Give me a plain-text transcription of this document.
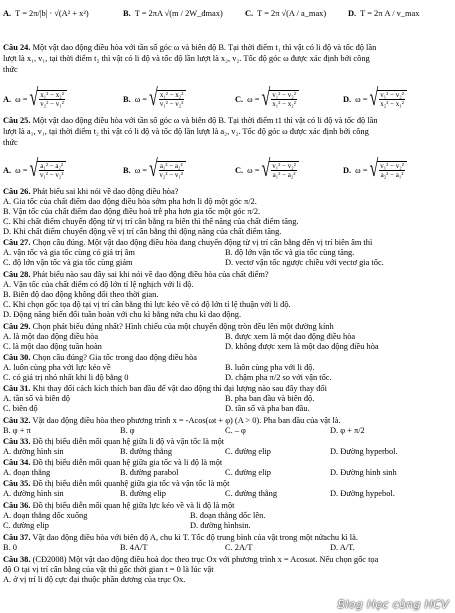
A. T = 2π/|b| · √(A² + x²)	B. T = 2πA √(m / 2W_đmax)	C. T = 2π √(A / a_max)	D. T = 2π A / v_max
Câu 24. Một vật dao động điều hòa với tần số góc ω và biên độ B. Tại thời điểm t₁ thì vật có li độ và tốc độ lần
lượt là x₁, v₁, tại thời điểm t₂ thì vật có li độ và tốc độ lần lượt là x₂, v₂. Tốc độ góc ω được xác định bởi công
thức
A. ω = √ $\frac{\text{x₁² − x₂²}}{\text{v₂² − v₁²}}$	B. ω = √ $\frac{\text{x₁² − x₂²}}{\text{v₁² − v₂²}}$	C. ω = √ $\frac{\text{v₁² − v₂²}}{\text{x₁² − x₂²}}$	D. ω = √ $\frac{\text{v₁² − v₂²}}{\text{x₂² − x₁²}}$
Câu 25. Một vật dao động điều hòa với tần số góc ω và biên độ B. Tại thời điểm t1 thì vật có li độ và tốc độ lần
lượt là a₁, v₁, tại thời điểm t₂ thì vật có li độ và tốc độ lần lượt là a₂, v₂. Tốc độ góc ω được xác định bởi công
thức
A. ω = √ $\frac{\text{a₁² − a₂²}}{\text{v₁² − v₂²}}$	B. ω = √ $\frac{\text{a₁² − a₂²}}{\text{v₂² − v₁²}}$	C. ω = √ $\frac{\text{v₁² − v₂²}}{\text{a₁² − a₂²}}$	D. ω = √ $\frac{\text{v₁² − v₂²}}{\text{a₂² − a₁²}}$
Câu 26. Phát biểu sai khi nói về dao động điều hòa?
A. Gia tốc của chất điểm dao động điều hòa sớm pha hơn li độ một góc π/2.
B. Vận tốc của chất điểm dao động điều hoà trễ pha hơn gia tốc một góc π/2.
C. Khi chất điểm chuyển động từ vị trí cân bằng ra biên thì thế năng của chất điểm tăng.
D. Khi chất điểm chuyển động về vị trí cân bằng thì động năng của chất điểm tăng.
Câu 27. Chọn câu đúng. Một vật dao động điều hòa đang chuyển động từ vị trí cân bằng đến vị trí biên âm thì
A. vận tốc và gia tốc cùng có giá trị âm	B. độ lớn vận tốc và gia tốc cùng tăng.
C. độ lớn vận tốc và gia tốc cùng giảm	D. vectơ vận tốc ngược chiều với vectơ gia tốc.
Câu 28. Phát biểu nào sau đây sai khi nói về dao động điều hòa của chất điểm?
A. Vận tốc của chất điểm có độ lớn tỉ lệ nghịch với li độ.
B. Biên độ dao động không đổi theo thời gian.
C. Khi chọn gốc tọa độ tại vị trí cân bằng thì lực kéo về có độ lớn tỉ lệ thuận với li độ.
D. Động năng biến đổi tuần hoàn với chu kì bằng nửa chu kì dao động.
Câu 29. Chọn phát biểu đúng nhất? Hình chiếu của một chuyển động tròn đều lên một đường kính
A. là một dao động điều hòa	B. được xem là một dao động điều hòa
C. là một dao động tuần hoàn	D. không được xem là một dao động điều hòa
Câu 30. Chọn câu đúng? Gia tốc trong dao động điều hòa
A. luôn cùng pha với lực kéo về	B. luôn cùng pha với li độ.
C. có giá trị nhỏ nhất khi li độ bằng 0	D. chậm pha π/2 so với vận tốc.
Câu 31. Khi thay đổi cách kích thích ban đầu để vật dao động thì đại lượng nào sau đây thay đổi
A. tần số và biên độ	B. pha ban đầu và biên độ.
C. biên độ	D. tần số và pha ban đầu.
Câu 32. Vật dao động điều hòa theo phương trình x = -Acos(ωt + φ) (A > 0). Pha ban đầu của vật là.
B. φ + π	B. φ	C. – φ	D. φ + π/2
Câu 33. Đồ thị biểu diễn mối quan hệ giữa li độ và vận tốc là một
A. đường hình sin	B. đường thẳng	C. đường elip	D. Đường hyperbol.
Câu 34. Đồ thị biểu diễn mối quan hệ giữa gia tốc và li độ là một
A. đoạn thẳng	B. đường parabol	C. đường elip	D. Đường hình sinh
Câu 35. Đồ thị biểu diễn mối quanhệ giữa gia tốc và vận tốc là một
A. đường hình sin	B. đường elip	C. đường thẳng	D. Đường hypebol.
Câu 36. Đồ thị biểu diễn mối quan hệ giữa lực kéo về và li độ là một
A. đoạn thẳng dốc xuống	B. đoạn thẳng dốc lên.
C. đường elip	D. đường hìnhsin.
Câu 37. Vật dao động điều hòa với biên độ A, chu kì T. Tốc độ trung bình của vật trong một nửachu kì là.
B. 0	B. 4A/T	C. 2A/T	D. A/T.
Câu 38. (CĐ2008) Một vật dao động điều hoà dọc theo trục Ox với phương trình x = Acosωt. Nếu chọn gốc tọa
độ O tại vị trí cân bằng của vật thì gốc thời gian t = 0 là lúc vật
A. ở vị trí li độ cực đại thuộc phần dương của trục Ox.
Blog Học cùng HCV
